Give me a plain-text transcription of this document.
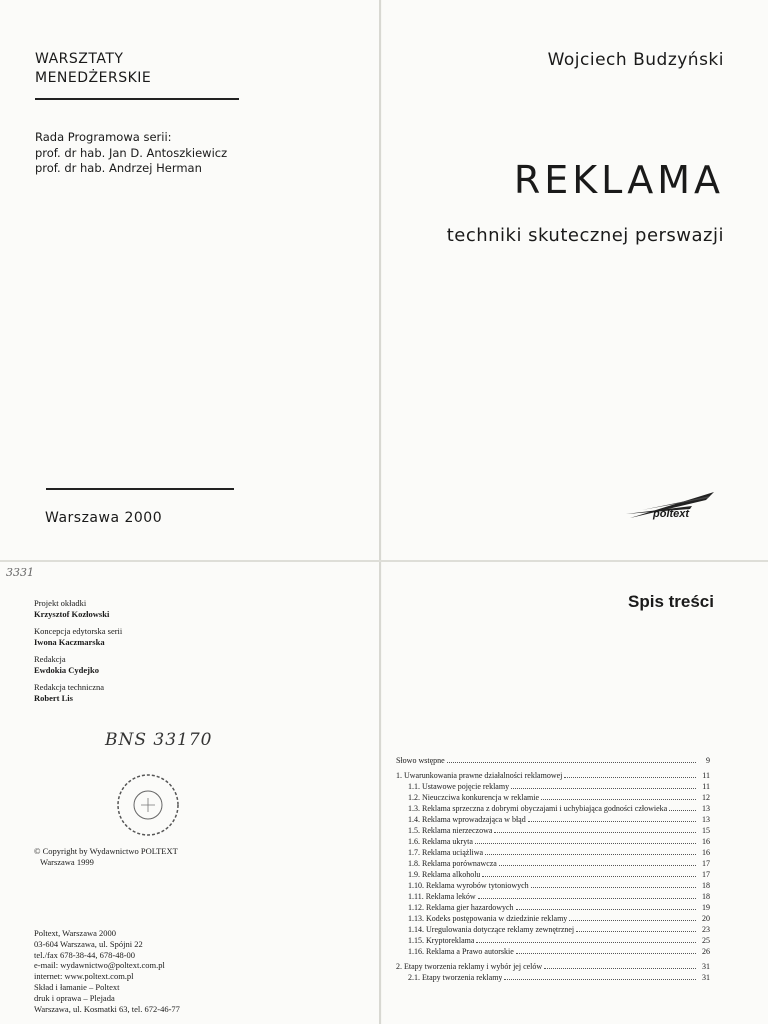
WARSZTATY
MENEDŻERSKIE
Rada Programowa serii:
prof. dr hab. Jan D. Antoszkiewicz
prof. dr hab. Andrzej Herman
Warszawa 2000
Wojciech Budzyński
REKLAMA
techniki skutecznej perswazji
poltext
3331
Projekt okładki
Krzysztof Kozłowski
Koncepcja edytorska serii
Iwona Kaczmarska
Redakcja
Ewdokia Cydejko
Redakcja techniczna
Robert Lis
BNS 33170
© Copyright by Wydawnictwo POLTEXT
Warszawa 1999
Poltext, Warszawa 2000
03-604 Warszawa, ul. Spójni 22
tel./fax 678-38-44, 678-48-00
e-mail: wydawnictwo@poltext.com.pl
internet: www.poltext.com.pl
Skład i łamanie – Poltext
druk i oprawa – Plejada
Warszawa, ul. Kosmatki 63, tel. 672-46-77
Spis treści
Słowo wstępne	9
1. Uwarunkowania prawne działalności reklamowej	11
1.1. Ustawowe pojęcie reklamy	11
1.2. Nieuczciwa konkurencja w reklamie	12
1.3. Reklama sprzeczna z dobrymi obyczajami i uchybiająca godności człowieka	13
1.4. Reklama wprowadzająca w błąd	13
1.5. Reklama nierzeczowa	15
1.6. Reklama ukryta	16
1.7. Reklama uciążliwa	16
1.8. Reklama porównawcza	17
1.9. Reklama alkoholu	17
1.10. Reklama wyrobów tytoniowych	18
1.11. Reklama leków	18
1.12. Reklama gier hazardowych	19
1.13. Kodeks postępowania w dziedzinie reklamy	20
1.14. Uregulowania dotyczące reklamy zewnętrznej	23
1.15. Kryptoreklama	25
1.16. Reklama a Prawo autorskie	26
2. Etapy tworzenia reklamy i wybór jej celów	31
2.1. Etapy tworzenia reklamy	31
